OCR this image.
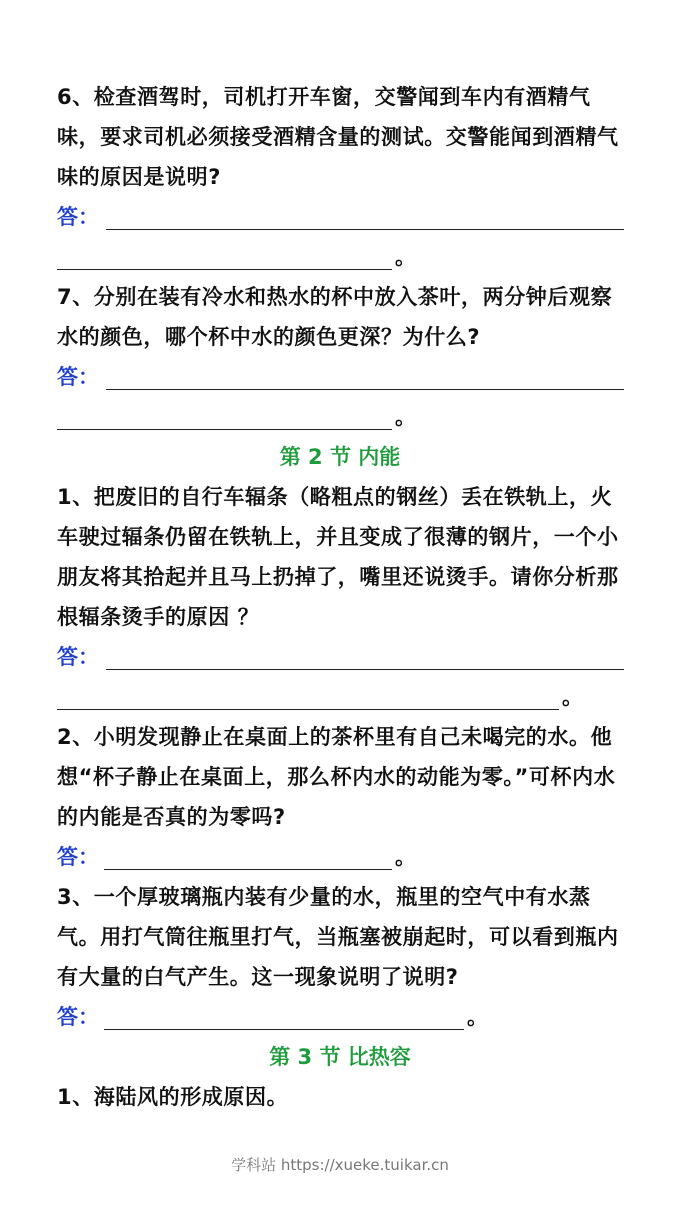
6、检查酒驾时，司机打开车窗，交警闻到车内有酒精气味，要求司机必须接受酒精含量的测试。交警能闻到酒精气味的原因是说明?
答：
。
7、分别在装有冷水和热水的杯中放入茶叶，两分钟后观察水的颜色，哪个杯中水的颜色更深？为什么?
答：
。
第 2 节 内能
1、把废旧的自行车辐条（略粗点的钢丝）丢在铁轨上，火车驶过辐条仍留在铁轨上，并且变成了很薄的钢片，一个小朋友将其拾起并且马上扔掉了，嘴里还说烫手。请你分析那根辐条烫手的原因 ？
答：
。
2、小明发现静止在桌面上的茶杯里有自己未喝完的水。他想“杯子静止在桌面上，那么杯内水的动能为零。”可杯内水的内能是否真的为零吗?
答：	。
3、一个厚玻璃瓶内装有少量的水，瓶里的空气中有水蒸气。用打气筒往瓶里打气，当瓶塞被崩起时，可以看到瓶内有大量的白气产生。这一现象说明了说明?
答：	。
第 3 节 比热容
1、海陆风的形成原因。
学科站 https://xueke.tuikar.cn
